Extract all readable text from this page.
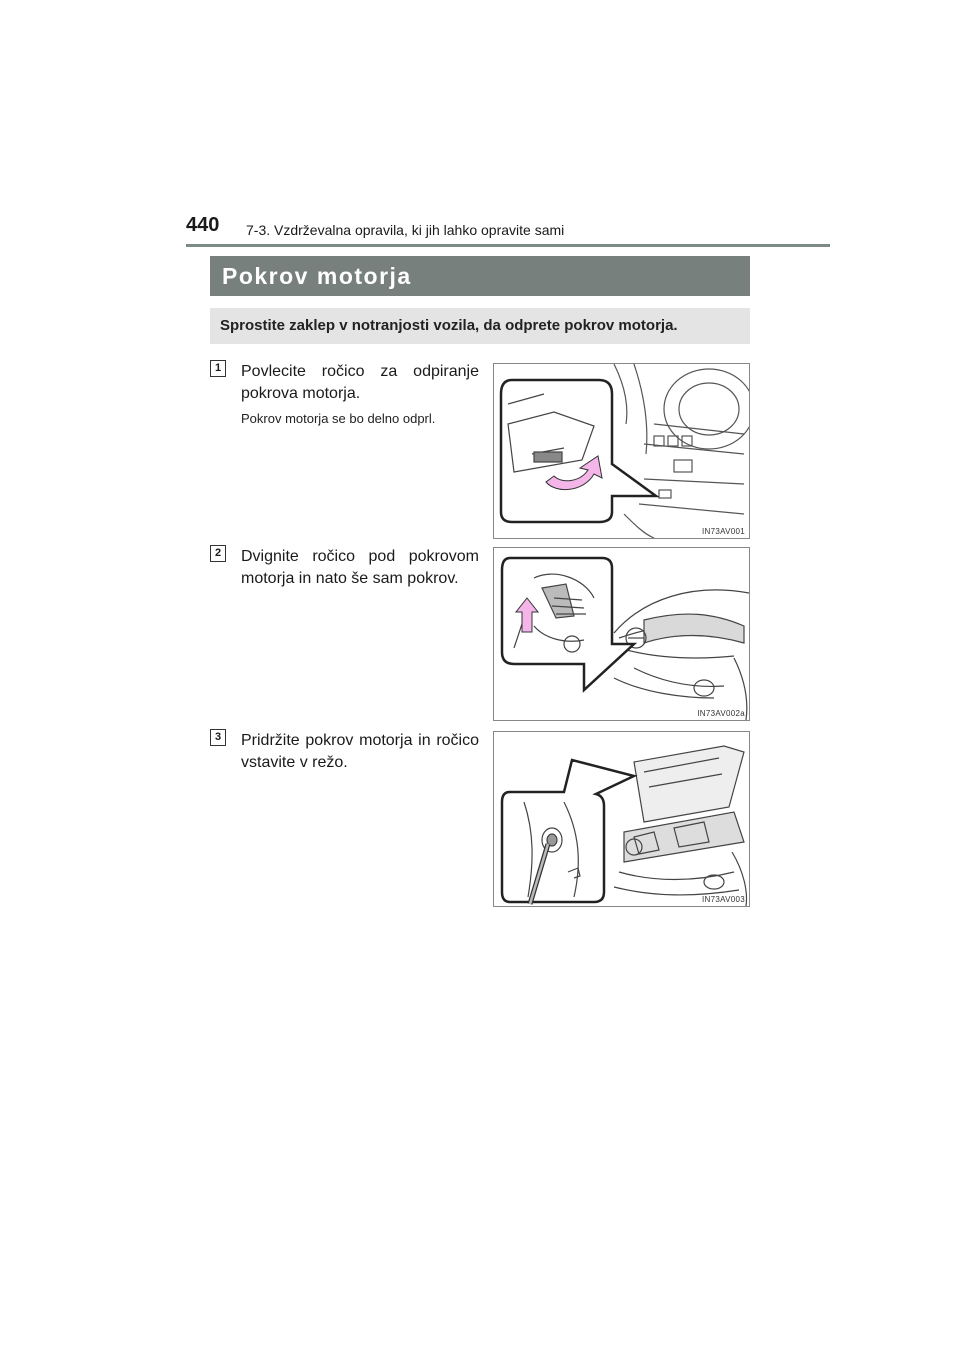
440 7-3. Vzdrževalna opravila, ki jih lahko opravite sami
Pokrov motorja
Sprostite zaklep v notranjosti vozila, da odprete pokrov motorja.
1	Povlecite ročico za odpiranje pokrova motorja.
Pokrov motorja se bo delno odprl.
IN73AV001
2	Dvignite ročico pod pokrovom motorja in nato še sam pokrov.
IN73AV002a
3	Pridržite pokrov motorja in ročico vstavite v režo.
IN73AV003
